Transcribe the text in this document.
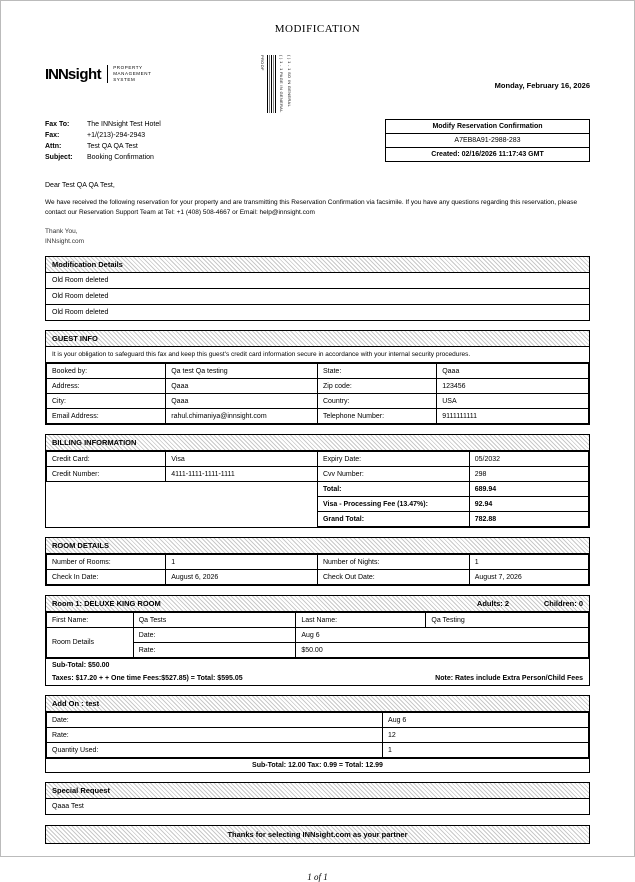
MODIFICATION
INNsight	PROPERTY
MANAGEMENT
SYSTEM
PROOF	( ) 1 - 1 PAGE IN GENERAL ( ) 1 - 1 SO IN GENERAL	Monday, February 16, 2026
Fax To:	The INNsight Test Hotel
Fax:	+1/(213)-294-2943
Attn:	Test QA QA Test
Subject: Booking Confirmation
Modify Reservation Confirmation
A7EB8A91-2988-283
Created: 02/16/2026 11:17:43 GMT
Dear Test QA QA Test,
We have received the following reservation for your property and are transmitting this Reservation Confirmation via facsimile. If you have any questions regarding this reservation, please contact our Reservation Support Team at Tel: +1 (408) 508-4667 or Email: help@innsight.com
Thank You,
INNsight.com
Modification Details
Old Room deleted
Old Room deleted
Old Room deleted
GUEST INFO
It is your obligation to safeguard this fax and keep this guest's credit card information secure in accordance with your internal security procedures.
Booked by:	Qa test Qa testing	State:	Qaaa
Address:	Qaaa	Zip code:	123456
City:	Qaaa	Country:	USA
Email Address:	rahul.chimaniya@innsight.com	Telephone Number:	9111111111
BILLING INFORMATION
Credit Card:	Visa	Expiry Date:	05/2032
Credit Number:	4111-1111-1111-1111	Cvv Number:	298
		Total:	689.94
		Visa - Processing Fee (13.47%):	92.94
		Grand Total:	782.88
ROOM DETAILS
Number of Rooms:	1	Number of Nights:	1
Check In Date:	August 6, 2026	Check Out Date:	August 7, 2026
Room 1: DELUXE KING ROOM	Adults: 2	Children: 0
First Name:	Qa Tests	Last Name:	Qa Testing
Room Details	Date:	Aug 6	
	Rate:	$50.00	
Sub-Total: $50.00
Taxes: $17.20 + + One time Fees:$527.85) = Total: $595.05	Note: Rates include Extra Person/Child Fees
Add On : test
Date:	Aug 6
Rate:	12
Quantity Used:	1
Sub-Total: 12.00 Tax: 0.99 = Total: 12.99
Special Request
Qaaa Test
Thanks for selecting INNsight.com as your partner
1 of 1
